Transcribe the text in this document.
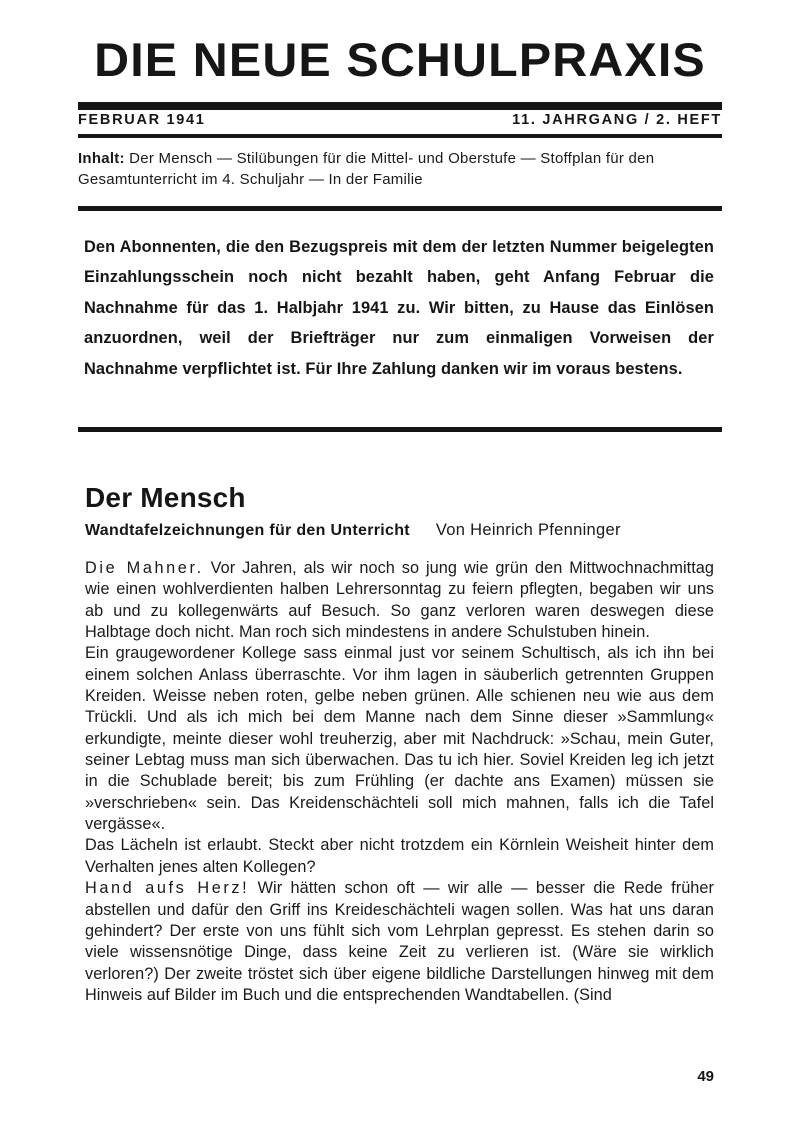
DIE NEUE SCHULPRAXIS
FEBRUAR 1941	11. JAHRGANG / 2. HEFT
Inhalt: Der Mensch — Stilübungen für die Mittel- und Oberstufe — Stoffplan für den Gesamtunterricht im 4. Schuljahr — In der Familie

Den Abonnenten, die den Bezugspreis mit dem der letzten Nummer beigelegten Einzahlungsschein noch nicht bezahlt haben, geht Anfang Februar die Nachnahme für das 1. Halbjahr 1941 zu. Wir bitten, zu Hause das Einlösen anzuordnen, weil der Briefträger nur zum einmaligen Vorweisen der Nachnahme verpflichtet ist. Für Ihre Zahlung danken wir im voraus bestens.

Der Mensch
Wandtafelzeichnungen für den Unterricht Von Heinrich Pfenninger

Die Mahner. Vor Jahren, als wir noch so jung wie grün den Mittwochnachmittag wie einen wohlverdienten halben Lehrersonntag zu feiern pflegten, begaben wir uns ab und zu kollegenwärts auf Besuch. So ganz verloren waren deswegen diese Halbtage doch nicht. Man roch sich mindestens in andere Schulstuben hinein.

Ein graugewordener Kollege sass einmal just vor seinem Schultisch, als ich ihn bei einem solchen Anlass überraschte. Vor ihm lagen in säuberlich getrennten Gruppen Kreiden. Weisse neben roten, gelbe neben grünen. Alle schienen neu wie aus dem Trückli. Und als ich mich bei dem Manne nach dem Sinne dieser »Sammlung« erkundigte, meinte dieser wohl treuherzig, aber mit Nachdruck: »Schau, mein Guter, seiner Lebtag muss man sich überwachen. Das tu ich hier. Soviel Kreiden leg ich jetzt in die Schublade bereit; bis zum Frühling (er dachte ans Examen) müssen sie »verschrieben« sein. Das Kreidenschächteli soll mich mahnen, falls ich die Tafel vergässe«.

Das Lächeln ist erlaubt. Steckt aber nicht trotzdem ein Körnlein Weisheit hinter dem Verhalten jenes alten Kollegen?

Hand aufs Herz! Wir hätten schon oft — wir alle — besser die Rede früher abstellen und dafür den Griff ins Kreideschächteli wagen sollen. Was hat uns daran gehindert? Der erste von uns fühlt sich vom Lehrplan gepresst. Es stehen darin so viele wissensnötige Dinge, dass keine Zeit zu verlieren ist. (Wäre sie wirklich verloren?) Der zweite tröstet sich über eigene bildliche Darstellungen hinweg mit dem Hinweis auf Bilder im Buch und die entsprechenden Wandtabellen. (Sind

49
